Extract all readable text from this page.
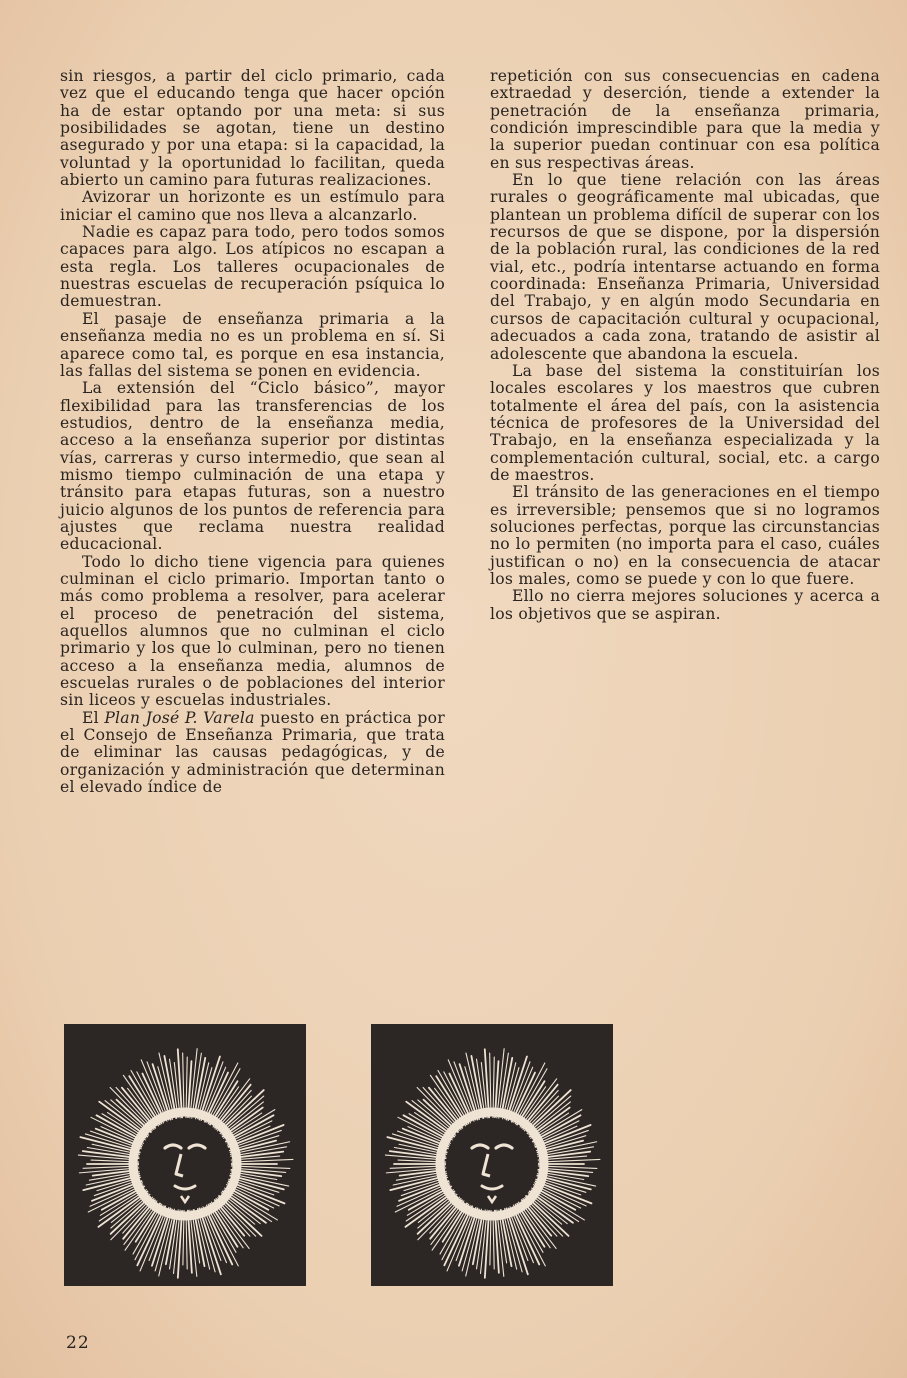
sin riesgos, a partir del ciclo primario, cada vez que el educando tenga que hacer opción ha de estar optando por una meta: si sus posibilidades se agotan, tiene un destino asegurado y por una etapa: si la capacidad, la voluntad y la oportunidad lo facilitan, queda abierto un camino para futuras realizaciones.

Avizorar un horizonte es un estímulo para iniciar el camino que nos lleva a alcanzarlo.

Nadie es capaz para todo, pero todos somos capaces para algo. Los atípicos no escapan a esta regla. Los talleres ocupacionales de nuestras escuelas de recuperación psíquica lo demuestran.

El pasaje de enseñanza primaria a la enseñanza media no es un problema en sí. Si aparece como tal, es porque en esa instancia, las fallas del sistema se ponen en evidencia.

La extensión del “Ciclo básico”, mayor flexibilidad para las transferencias de los estudios, dentro de la enseñanza media, acceso a la enseñanza superior por distintas vías, carreras y curso intermedio, que sean al mismo tiempo culminación de una etapa y tránsito para etapas futuras, son a nuestro juicio algunos de los puntos de referencia para ajustes que reclama nuestra realidad educacional.

Todo lo dicho tiene vigencia para quienes culminan el ciclo primario. Importan tanto o más como problema a resolver, para acelerar el proceso de penetración del sistema, aquellos alumnos que no culminan el ciclo primario y los que lo culminan, pero no tienen acceso a la enseñanza media, alumnos de escuelas rurales o de poblaciones del interior sin liceos y escuelas industriales.

El Plan José P. Varela puesto en práctica por el Consejo de Enseñanza Primaria, que trata de eliminar las causas pedagógicas, y de organización y administración que determinan el elevado índice de

repetición con sus consecuencias en cadena extraedad y deserción, tiende a extender la penetración de la enseñanza primaria, condición imprescindible para que la media y la superior puedan continuar con esa política en sus respectivas áreas.

En lo que tiene relación con las áreas rurales o geográficamente mal ubicadas, que plantean un problema difícil de superar con los recursos de que se dispone, por la dispersión de la población rural, las condiciones de la red vial, etc., podría intentarse actuando en forma coordinada: Enseñanza Primaria, Universidad del Trabajo, y en algún modo Secundaria en cursos de capacitación cultural y ocupacional, adecuados a cada zona, tratando de asistir al adolescente que abandona la escuela.

La base del sistema la constituirían los locales escolares y los maestros que cubren totalmente el área del país, con la asistencia técnica de profesores de la Universidad del Trabajo, en la enseñanza especializada y la complementación cultural, social, etc. a cargo de maestros.

El tránsito de las generaciones en el tiempo es irreversible; pensemos que si no logramos soluciones perfectas, porque las circunstancias no lo permiten (no importa para el caso, cuáles justifican o no) en la consecuencia de atacar los males, como se puede y con lo que fuere.

Ello no cierra mejores soluciones y acerca a los objetivos que se aspiran.

22
